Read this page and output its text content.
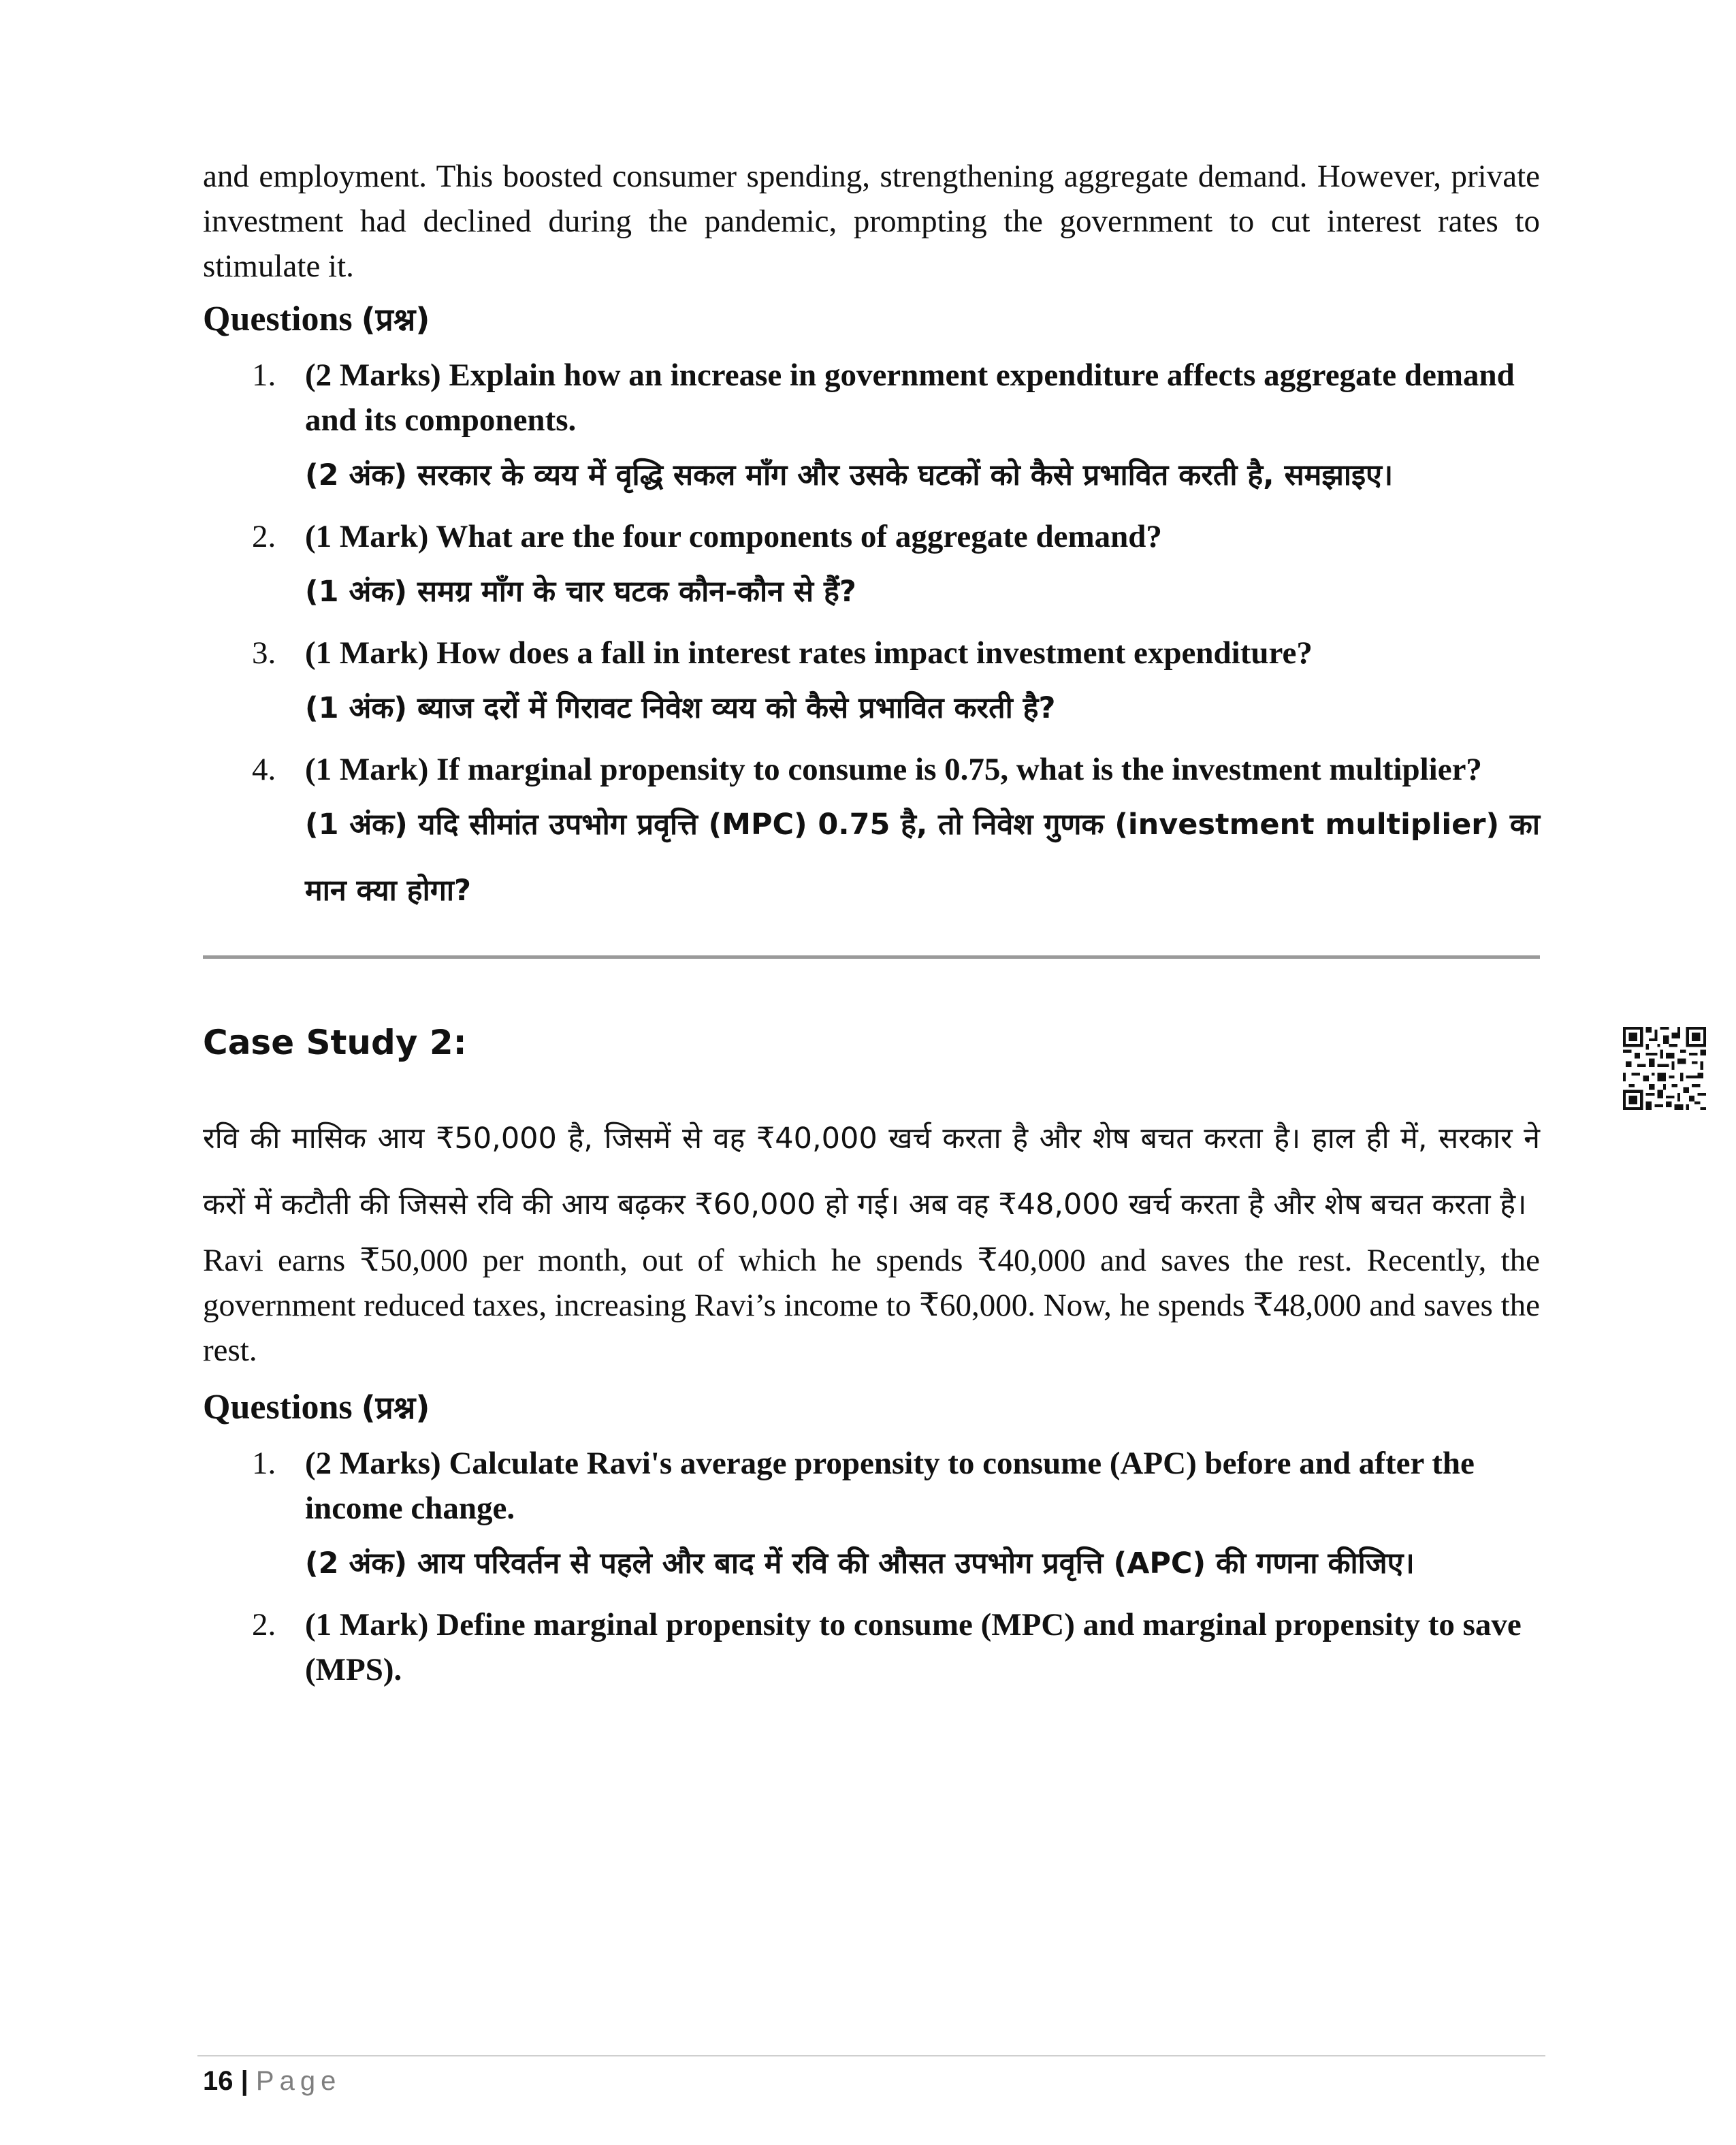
and employment. This boosted consumer spending, strengthening aggregate demand. However, private investment had declined during the pandemic, prompting the government to cut interest rates to stimulate it.

Questions (प्रश्न)
1. (2 Marks) Explain how an increase in government expenditure affects aggregate demand and its components.
(2 अंक) सरकार के व्यय में वृद्धि सकल माँग और उसके घटकों को कैसे प्रभावित करती है, समझाइए।
2. (1 Mark) What are the four components of aggregate demand?
(1 अंक) समग्र माँग के चार घटक कौन-कौन से हैं?
3. (1 Mark) How does a fall in interest rates impact investment expenditure?
(1 अंक) ब्याज दरों में गिरावट निवेश व्यय को कैसे प्रभावित करती है?
4. (1 Mark) If marginal propensity to consume is 0.75, what is the investment multiplier?
(1 अंक) यदि सीमांत उपभोग प्रवृत्ति (MPC) 0.75 है, तो निवेश गुणक (investment multiplier) का मान क्या होगा?
Case Study 2:

रवि की मासिक आय ₹50,000 है, जिसमें से वह ₹40,000 खर्च करता है और शेष बचत करता है। हाल ही में, सरकार ने करों में कटौती की जिससे रवि की आय बढ़कर ₹60,000 हो गई। अब वह ₹48,000 खर्च करता है और शेष बचत करता है।

Ravi earns ₹50,000 per month, out of which he spends ₹40,000 and saves the rest. Recently, the government reduced taxes, increasing Ravi’s income to ₹60,000. Now, he spends ₹48,000 and saves the rest.

Questions (प्रश्न)
1. (2 Marks) Calculate Ravi's average propensity to consume (APC) before and after the income change.
(2 अंक) आय परिवर्तन से पहले और बाद में रवि की औसत उपभोग प्रवृत्ति (APC) की गणना कीजिए।
2. (1 Mark) Define marginal propensity to consume (MPC) and marginal propensity to save (MPS).
16 | Page
